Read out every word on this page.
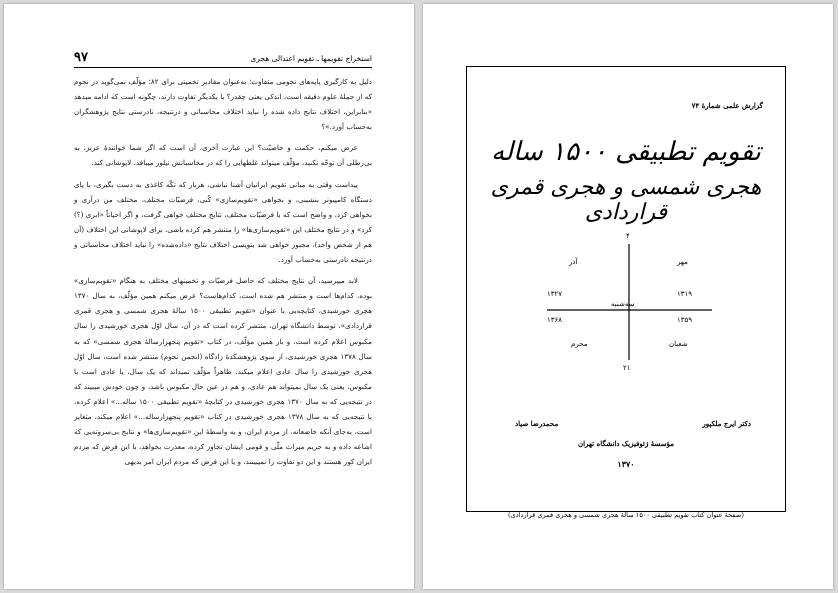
۹۷	استخراج تقویمها ـ تقویم اعتدالی هجری

دلیل به کارگیری پایه‌های نجومی متفاوت؛ به‌عنوان مقادیر تخمینی برای ۸۲؛ مؤلّف نمی‌گوید در نجوم که از جملهٔ علوم دقیقه است، اندکی یعنی چقدر؟ با یکدیگر تفاوت دارند، چگونه است که ادامه میدهد «بنابراین، اختلاف نتایج داده شده را نباید اختلاف محاسباتی و درنتیجه، نادرستی نتایج پژوهشگران به‌حساب آورد.»؟

عرض میکنم، حکمت و خاصیّت؟ این عبارت آخری، آن است که اگر شما خوانندهٔ عزیز، به بی‌رطلی آن توجّه نکنید، مؤلّف میتواند غلطهایی را که در محاسباتش تیلور میبافد، لاپوشانی کند.

پیداست وقتی به مبانی تقویم ایرانیان آشنا نباشی، هربار که تکّه کاغذی به دست بگیری، با پای دستگاه کامپیوتر بنشینی، و بخواهی «تقویم‌سازی» کُنی، فرضیّات مختلف، مختلف من درآری و بخواهی کرد، و واضح است که با فرضیّات مختلف، نتایج مختلف خواهی گرفت، و اگر احیاناً «ایری (؟) کرد» و در نتایج مختلف این «تقویم‌سازی‌ها» را منتشر هم کرده باشی، برای لاپوشانی این اختلاف (آن هم از شخص واحد)، مجبور خواهی شد بنویسی اختلاف نتایج «داده‌شده» را نباید اختلاف محاسباتی و درنتیجه نادرستی به‌حساب آورد.

لابد میپرسید، آن نتایج مختلف که حاصل فرضیّات و تخمینهای مختلف به هنگام «تقویم‌سازی» بوده، کدام‌ها است و منتشر هم شده است، کدام‌هاست؟ عرض میکنم همین مؤلّف، به سال ۱۳۷۰ هجری خورشیدی، کتابچه‌یی با عنوان «تقویم تطبیقی ۱۵۰۰ سالهٔ هجری شمسی و هجری قمری قراردادی»، توسط دانشگاه تهران، منتشر کرده است که در آن، سال اوّل هجری خورشیدی را سال مکبوس اعلام کرده است، و باز همین مؤلّف، در کتاب «تقویم پنجهزارسالهٔ هجری شمسی» که به سال ۱۳۷۸ هجری خورشیدی، از سوی پژوهشکدهٔ زادگاه (انجمن نجوم) منتشر شده است، سال اوّل هجری خورشیدی را سال عادی اعلام میکند. ظاهراً مؤلّف نمیداند که یک سال، یا عادی است یا مکبوس، یعنی یک سال نمیتواند هم عادی، و هم در عین حال مکبوس باشد، و چون خودش میبیند که در نتیجه‌یی که به سال ۱۳۷۰ هجری خورشیدی در کتابچهٔ «تقویم تطبیقی ۱۵۰۰ ساله...» اعلام کرده، با نتیجه‌یی که به سال ۱۳۷۸ هجری خورشیدی در کتاب «تقویم پنجهزارساله...» اعلام میکند، متغایر است، به‌جای آنکه خاضعانه، از مردم ایران، و به واسطهٔ این «تقویم‌سازی‌ها» و نتایج بی‌سروته‌یی که اشاعه داده و به حریم میراث ملّی و قومی ایشان تجاوز کرده، معذرت بخواهد، با این فرض که مردم ایران کور هستند و این دو تفاوت را نمیبینند، و یا این فرض که مردم ایران امر بدیهی

گزارش علمی شمارهٔ ۷۴
تقویم تطبیقی ۱۵۰۰ ساله
هجری شمسی و هجری قمری قراردادی
۴
مهر
آذر
۱۳۱۹
۱۳۲۷
سه‌شنبه
۱۳۵۹
۱۳۶۸
محرم	شعبان
۲۱
محمدرضا صیاد	دکتر ایرج ملکپور
مؤسسهٔ ژئوفیزیک دانشگاه تهران
۱۳۷۰
(صفحهٔ عنوان کتاب تقویم تطبیقی ۱۵۰۰ سالهٔ هجری شمسی و هجری قمری قراردادی)
